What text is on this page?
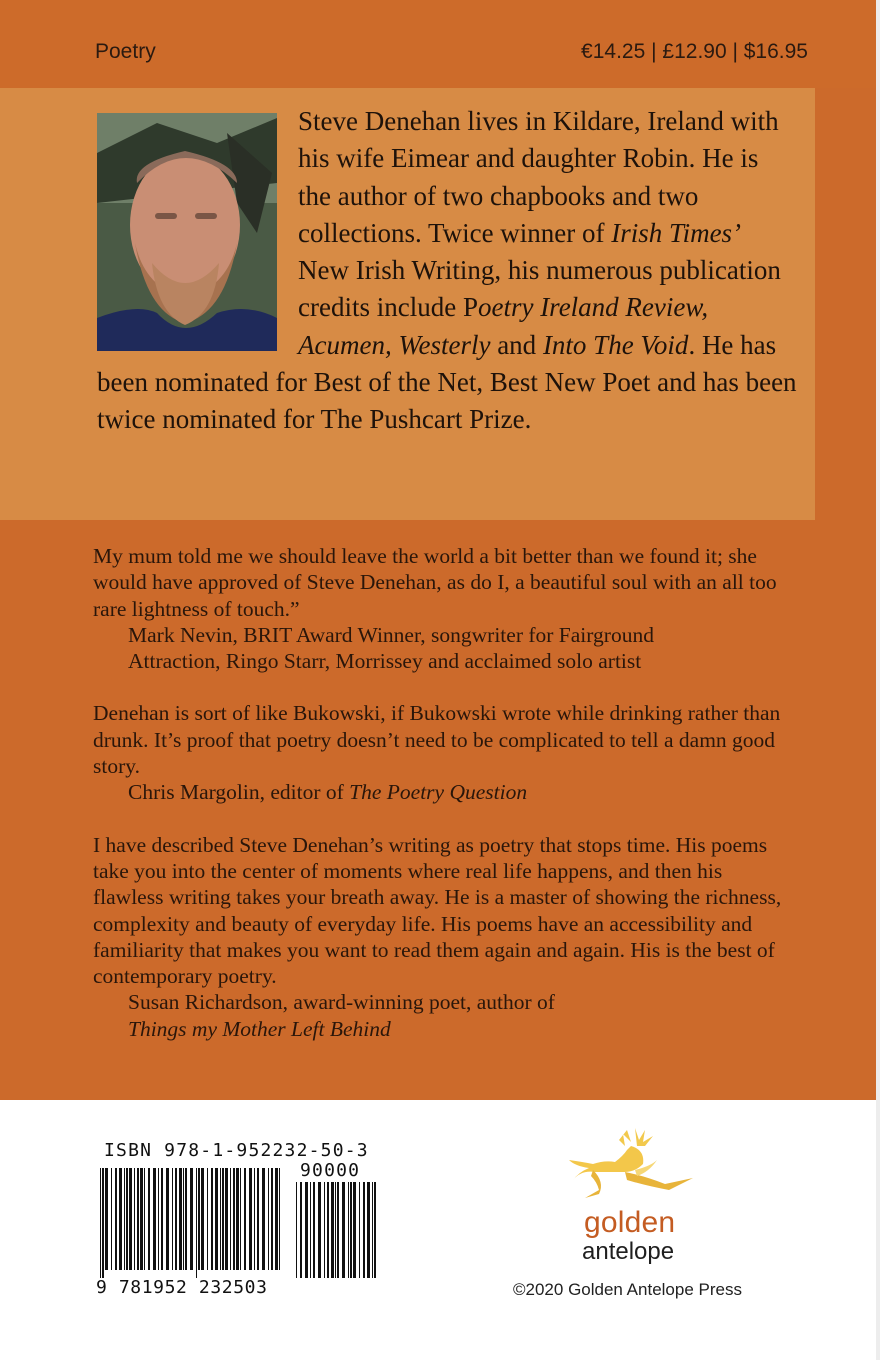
Poetry	€14.25 | £12.90 | $16.95

Steve Denehan lives in Kildare, Ireland with his wife Eimear and daughter Robin. He is the author of two chapbooks and two collections. Twice winner of Irish Times’ New Irish Writing, his numerous publication credits include Poetry Ireland Review, Acumen, Westerly and Into The Void. He has been nominated for Best of the Net, Best New Poet and has been twice nominated for The Pushcart Prize.

My mum told me we should leave the world a bit better than we found it; she would have approved of Steve Denehan, as do I, a beautiful soul with an all too rare lightness of touch.”

Mark Nevin, BRIT Award Winner, songwriter for Fairground

Attraction, Ringo Starr, Morrissey and acclaimed solo artist

Denehan is sort of like Bukowski, if Bukowski wrote while drinking rather than drunk. It’s proof that poetry doesn’t need to be complicated to tell a damn good story.

Chris Margolin, editor of The Poetry Question

I have described Steve Denehan’s writing as poetry that stops time. His poems take you into the center of moments where real life happens, and then his flawless writing takes your breath away. He is a master of showing the richness, complexity and beauty of everyday life. His poems have an accessibility and familiarity that makes you want to read them again and again. His is the best of contemporary poetry.

Susan Richardson, award-winning poet, author of

Things my Mother Left Behind

ISBN 978-1-952232-50-3
90000
9 781952 232503
golden
antelope
©2020 Golden Antelope Press
